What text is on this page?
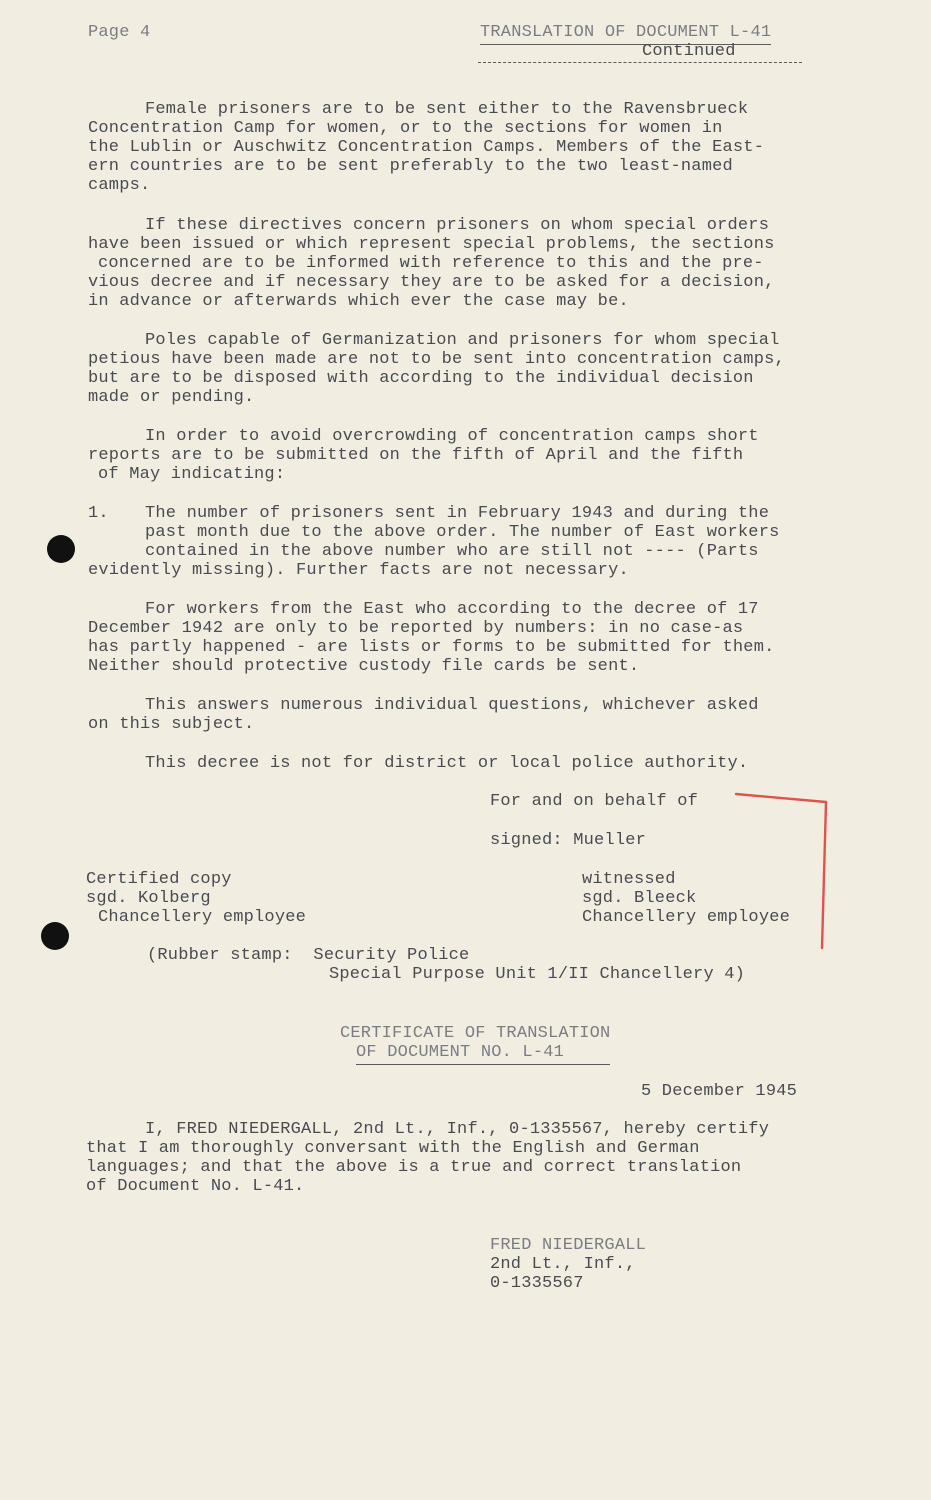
Page 4	TRANSLATION OF DOCUMENT L-41
Continued
Female prisoners are to be sent either to the Ravensbrueck
Concentration Camp for women, or to the sections for women in
the Lublin or Auschwitz Concentration Camps. Members of the East-
ern countries are to be sent preferably to the two least-named
camps.
If these directives concern prisoners on whom special orders
have been issued or which represent special problems, the sections
concerned are to be informed with reference to this and the pre-
vious decree and if necessary they are to be asked for a decision,
in advance or afterwards which ever the case may be.
Poles capable of Germanization and prisoners for whom special
petious have been made are not to be sent into concentration camps,
but are to be disposed with according to the individual decision
made or pending.
In order to avoid overcrowding of concentration camps short
reports are to be submitted on the fifth of April and the fifth
of May indicating:
1. The number of prisoners sent in February 1943 and during the
past month due to the above order. The number of East workers
contained in the above number who are still not ---- (Parts
evidently missing). Further facts are not necessary.
For workers from the East who according to the decree of 17
December 1942 are only to be reported by numbers: in no case-as
has partly happened - are lists or forms to be submitted for them.
Neither should protective custody file cards be sent.
This answers numerous individual questions, whichever asked
on this subject.
This decree is not for district or local police authority.
For and on behalf of
signed: Mueller
Certified copy
sgd. Kolberg
Chancellery employee
witnessed
sgd. Bleeck
Chancellery employee
(Rubber stamp:  Security Police
Special Purpose Unit 1/II Chancellery 4)
CERTIFICATE OF TRANSLATION
OF DOCUMENT NO. L-41
5 December 1945
I, FRED NIEDERGALL, 2nd Lt., Inf., 0-1335567, hereby certify
that I am thoroughly conversant with the English and German
languages; and that the above is a true and correct translation
of Document No. L-41.
FRED NIEDERGALL
2nd Lt., Inf.,
0-1335567
